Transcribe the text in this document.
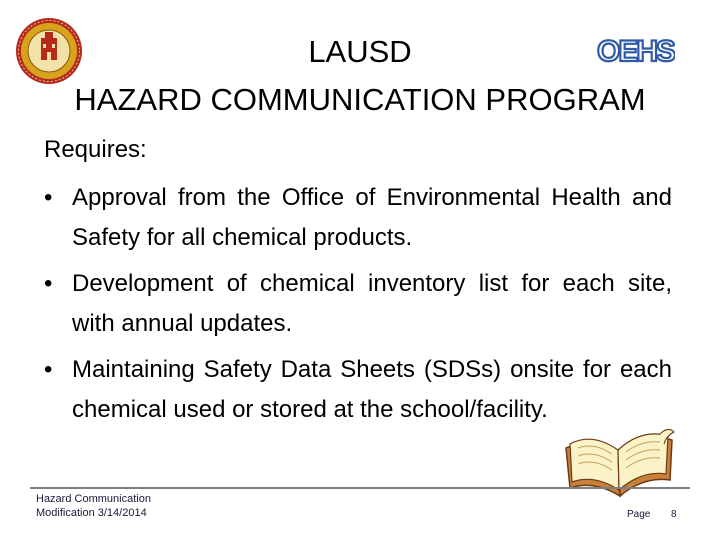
OEHS
LAUSD
HAZARD COMMUNICATION PROGRAM
Requires:
• Approval from the Office of Environmental Health and Safety for all chemical products.
• Development of chemical inventory list for each site, with annual updates.
• Maintaining Safety Data Sheets (SDSs) onsite for each chemical used or stored at the school/facility.
Hazard Communication
Modification 3/14/2014	Page 8
